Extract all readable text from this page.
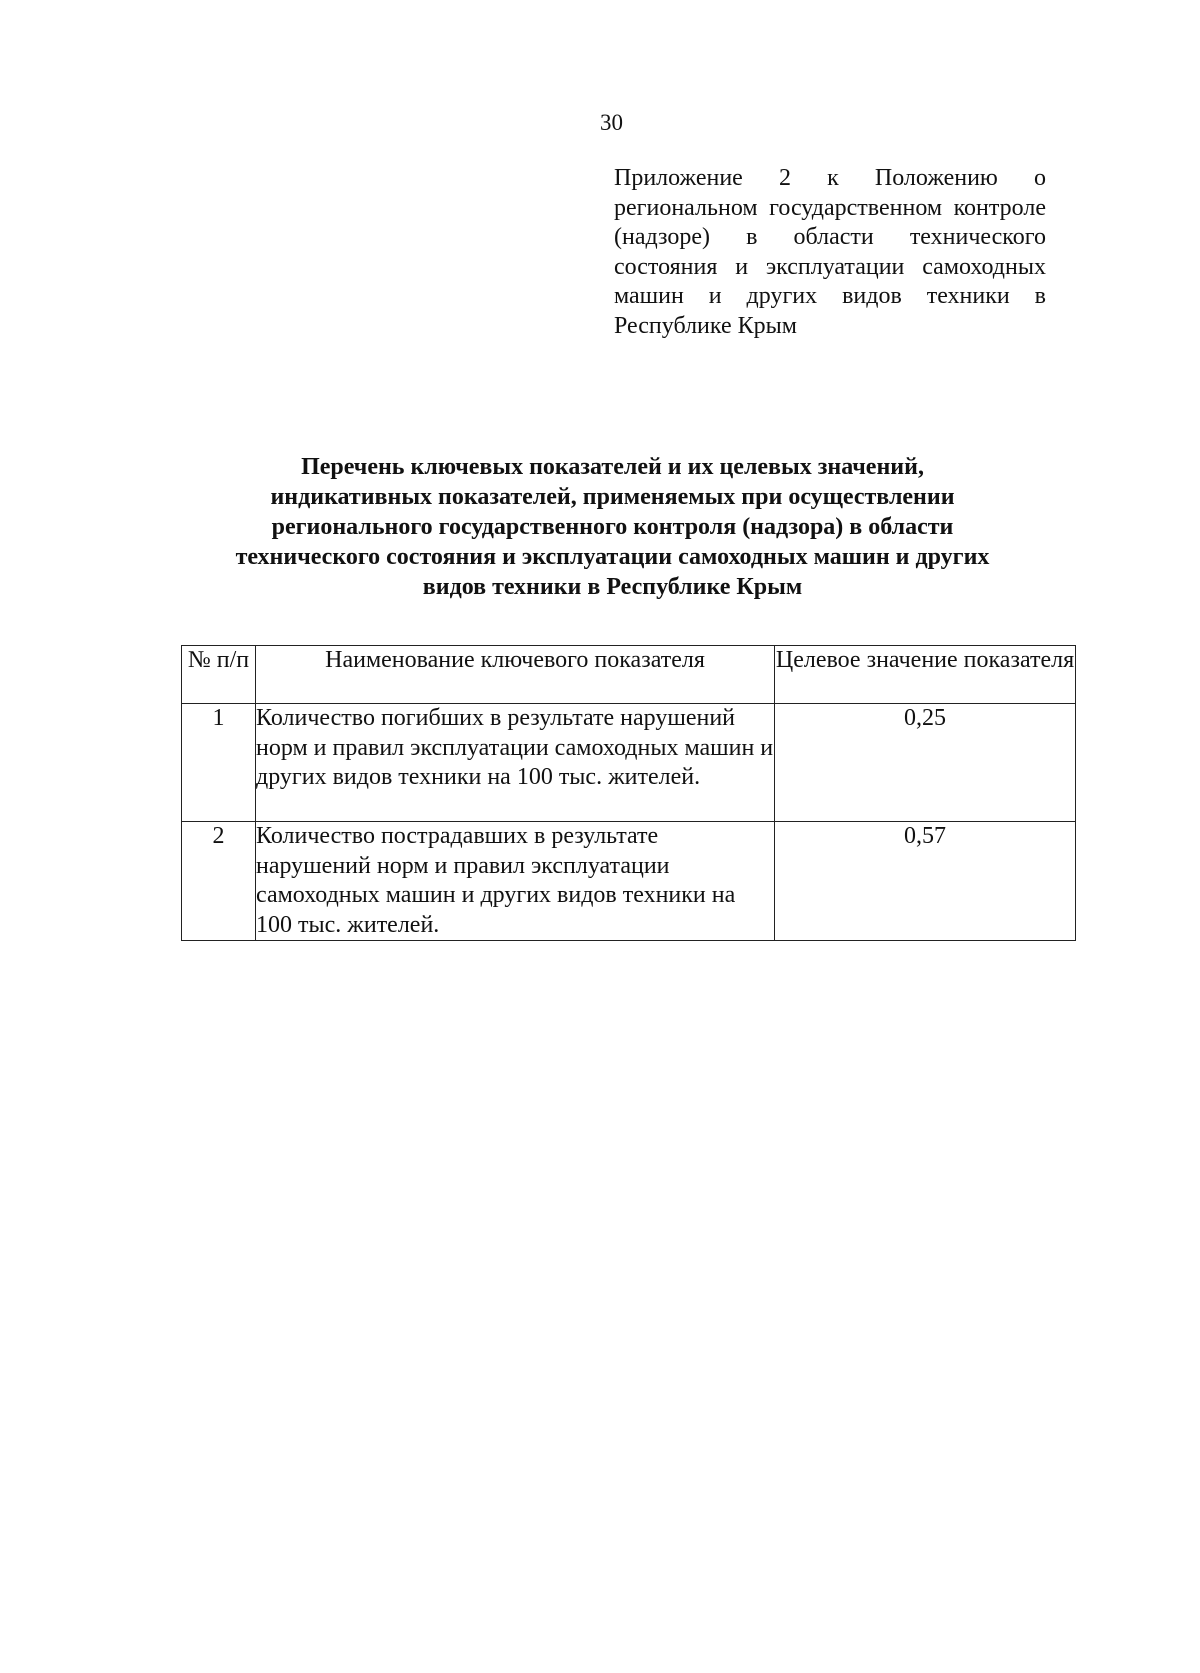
30
Приложение 2 к Положению о региональном государственном контроле (надзоре) в области технического состояния и эксплуатации самоходных машин и других видов техники в Республике Крым
Перечень ключевых показателей и их целевых значений,
индикативных показателей, применяемых при осуществлении
регионального государственного контроля (надзора) в области
технического состояния и эксплуатации самоходных машин и других
видов техники в Республике Крым
№ п/п	Наименование ключевого показателя	Целевое значение показателя
1	Количество погибших в результате нарушений норм и правил эксплуатации самоходных машин и других видов техники на 100 тыс. жителей.	0,25
2	Количество пострадавших в результате нарушений норм и правил эксплуатации самоходных машин и других видов техники на 100 тыс. жителей.	0,57
